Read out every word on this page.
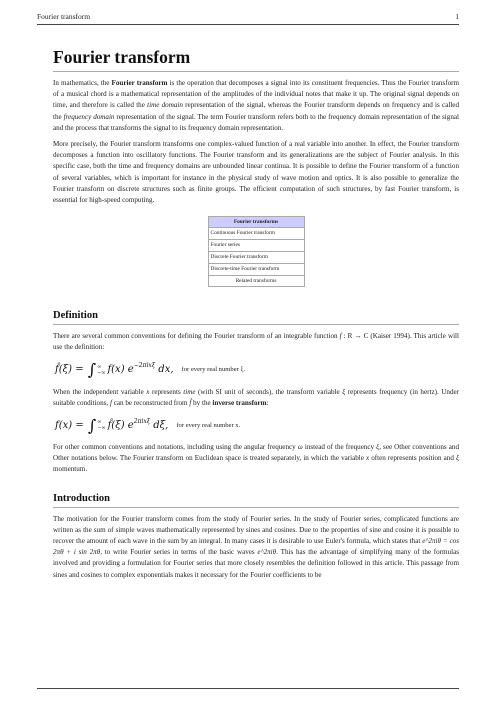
Fourier transform	1
Fourier transform

In mathematics, the Fourier transform is the operation that decomposes a signal into its constituent frequencies. Thus the Fourier transform of a musical chord is a mathematical representation of the amplitudes of the individual notes that make it up. The original signal depends on time, and therefore is called the time domain representation of the signal, whereas the Fourier transform depends on frequency and is called the frequency domain representation of the signal. The term Fourier transform refers both to the frequency domain representation of the signal and the process that transforms the signal to its frequency domain representation.

More precisely, the Fourier transform transforms one complex-valued function of a real variable into another. In effect, the Fourier transform decomposes a function into oscillatory functions. The Fourier transform and its generalizations are the subject of Fourier analysis. In this specific case, both the time and frequency domains are unbounded linear continua. It is possible to define the Fourier transform of a function of several variables, which is important for instance in the physical study of wave motion and optics. It is also possible to generalize the Fourier transform on discrete structures such as finite groups. The efficient computation of such structures, by fast Fourier transform, is essential for high-speed computing.

Fourier transforms
Continuous Fourier transform
Fourier series
Discrete Fourier transform
Discrete-time Fourier transform
Related transforms
Definition

There are several common conventions for defining the Fourier transform of an integrable function f : R → C (Kaiser 1994). This article will use the definition:

f̂(ξ) = ∫ ∞
−∞ f(x) e −2πixξ dx, for every real number ξ.

When the independent variable x represents time (with SI unit of seconds), the transform variable ξ represents frequency (in hertz). Under suitable conditions, f can be reconstructed from f̂ by the inverse transform:

f(x) = ∫ ∞
−∞ f̂(ξ) e 2πixξ dξ, for every real number x.

For other common conventions and notations, including using the angular frequency ω instead of the frequency ξ, see Other conventions and Other notations below. The Fourier transform on Euclidean space is treated separately, in which the variable x often represents position and ξ momentum.

Introduction

The motivation for the Fourier transform comes from the study of Fourier series. In the study of Fourier series, complicated functions are written as the sum of simple waves mathematically represented by sines and cosines. Due to the properties of sine and cosine it is possible to recover the amount of each wave in the sum by an integral. In many cases it is desirable to use Euler's formula, which states that e^2πiθ = cos 2πθ + i sin 2πθ, to write Fourier series in terms of the basic waves e^2πiθ. This has the advantage of simplifying many of the formulas involved and providing a formulation for Fourier series that more closely resembles the definition followed in this article. This passage from sines and cosines to complex exponentials makes it necessary for the Fourier coefficients to be
